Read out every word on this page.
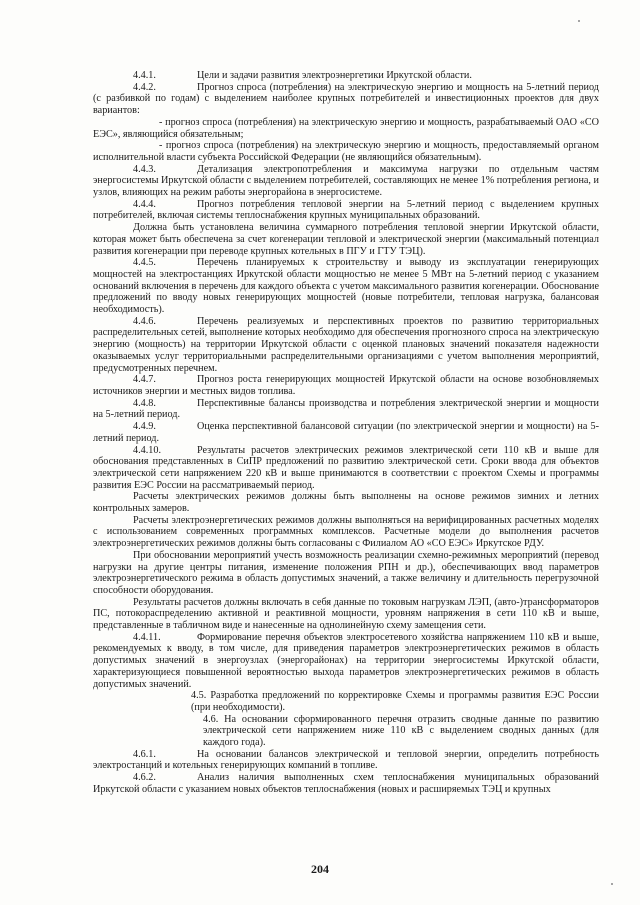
4.4.1.	Цели и задачи развития электроэнергетики Иркутской области.

4.4.2.	Прогноз спроса (потребления) на электрическую энергию и мощность на 5-летний период (с разбивкой по годам) с выделением наиболее крупных потребителей и инвестиционных проектов для двух вариантов:

- прогноз спроса (потребления) на электрическую энергию и мощность, разрабатываемый ОАО «СО ЕЭС», являющийся обязательным;

- прогноз спроса (потребления) на электрическую энергию и мощность, предоставляемый органом исполнительной власти субъекта Российской Федерации (не являющийся обязательным).

4.4.3.	Детализация электропотребления и максимума нагрузки по отдельным частям энергосистемы Иркутской области с выделением потребителей, составляющих не менее 1% потребления региона, и узлов, влияющих на режим работы энергорайона в энергосистеме.

4.4.4.	Прогноз потребления тепловой энергии на 5-летний период с выделением крупных потребителей, включая системы теплоснабжения крупных муниципальных образований.

Должна быть установлена величина суммарного потребления тепловой энергии Иркутской области, которая может быть обеспечена за счет когенерации тепловой и электрической энергии (максимальный потенциал развития когенерации при переводе крупных котельных в ПГУ и ГТУ ТЭЦ).

4.4.5.	Перечень планируемых к строительству и выводу из эксплуатации генерирующих мощностей на электростанциях Иркутской области мощностью не менее 5 МВт на 5-летний период с указанием оснований включения в перечень для каждого объекта с учетом максимального развития когенерации. Обоснование предложений по вводу новых генерирующих мощностей (новые потребители, тепловая нагрузка, балансовая необходимость).

4.4.6.	Перечень реализуемых и перспективных проектов по развитию территориальных распределительных сетей, выполнение которых необходимо для обеспечения прогнозного спроса на электрическую энергию (мощность) на территории Иркутской области с оценкой плановых значений показателя надежности оказываемых услуг территориальными распределительными организациями с учетом выполнения мероприятий, предусмотренных перечнем.

4.4.7.	Прогноз роста генерирующих мощностей Иркутской области на основе возобновляемых источников энергии и местных видов топлива.

4.4.8.	Перспективные балансы производства и потребления электрической энергии и мощности на 5-летний период.

4.4.9.	Оценка перспективной балансовой ситуации (по электрической энергии и мощности) на 5-летний период.

4.4.10.	Результаты расчетов электрических режимов электрической сети 110 кВ и выше для обоснования представленных в СиПР предложений по развитию электрической сети. Сроки ввода для объектов электрической сети напряжением 220 кВ и выше принимаются в соответствии с проектом Схемы и программы развития ЕЭС России на рассматриваемый период.

Расчеты электрических режимов должны быть выполнены на основе режимов зимних и летних контрольных замеров.

Расчеты электроэнергетических режимов должны выполняться на верифицированных расчетных моделях с использованием современных программных комплексов. Расчетные модели до выполнения расчетов электроэнергетических режимов должны быть согласованы с Филиалом АО «СО ЕЭС» Иркутское РДУ.

При обосновании мероприятий учесть возможность реализации схемно-режимных мероприятий (перевод нагрузки на другие центры питания, изменение положения РПН и др.), обеспечивающих ввод параметров электроэнергетического режима в область допустимых значений, а также величину и длительность перегрузочной способности оборудования.

Результаты расчетов должны включать в себя данные по токовым нагрузкам ЛЭП, (авто-)трансформаторов ПС, потокораспределению активной и реактивной мощности, уровням напряжения в сети 110 кВ и выше, представленные в табличном виде и нанесенные на однолинейную схему замещения сети.

4.4.11.	Формирование перечня объектов электросетевого хозяйства напряжением 110 кВ и выше, рекомендуемых к вводу, в том числе, для приведения параметров электроэнергетических режимов в область допустимых значений в энергоузлах (энергорайонах) на территории энергосистемы Иркутской области, характеризующиеся повышенной вероятностью выхода параметров электроэнергетических режимов в область допустимых значений.

4.5. Разработка предложений по корректировке Схемы и программы развития ЕЭС России (при необходимости).

4.6. На основании сформированного перечня отразить сводные данные по развитию электрической сети напряжением ниже 110 кВ с выделением сводных данных (для каждого года).

4.6.1.	На основании балансов электрической и тепловой энергии, определить потребность электростанций и котельных генерирующих компаний в топливе.

4.6.2.	Анализ наличия выполненных схем теплоснабжения муниципальных образований Иркутской области с указанием новых объектов теплоснабжения (новых и расширяемых ТЭЦ и крупных

204
